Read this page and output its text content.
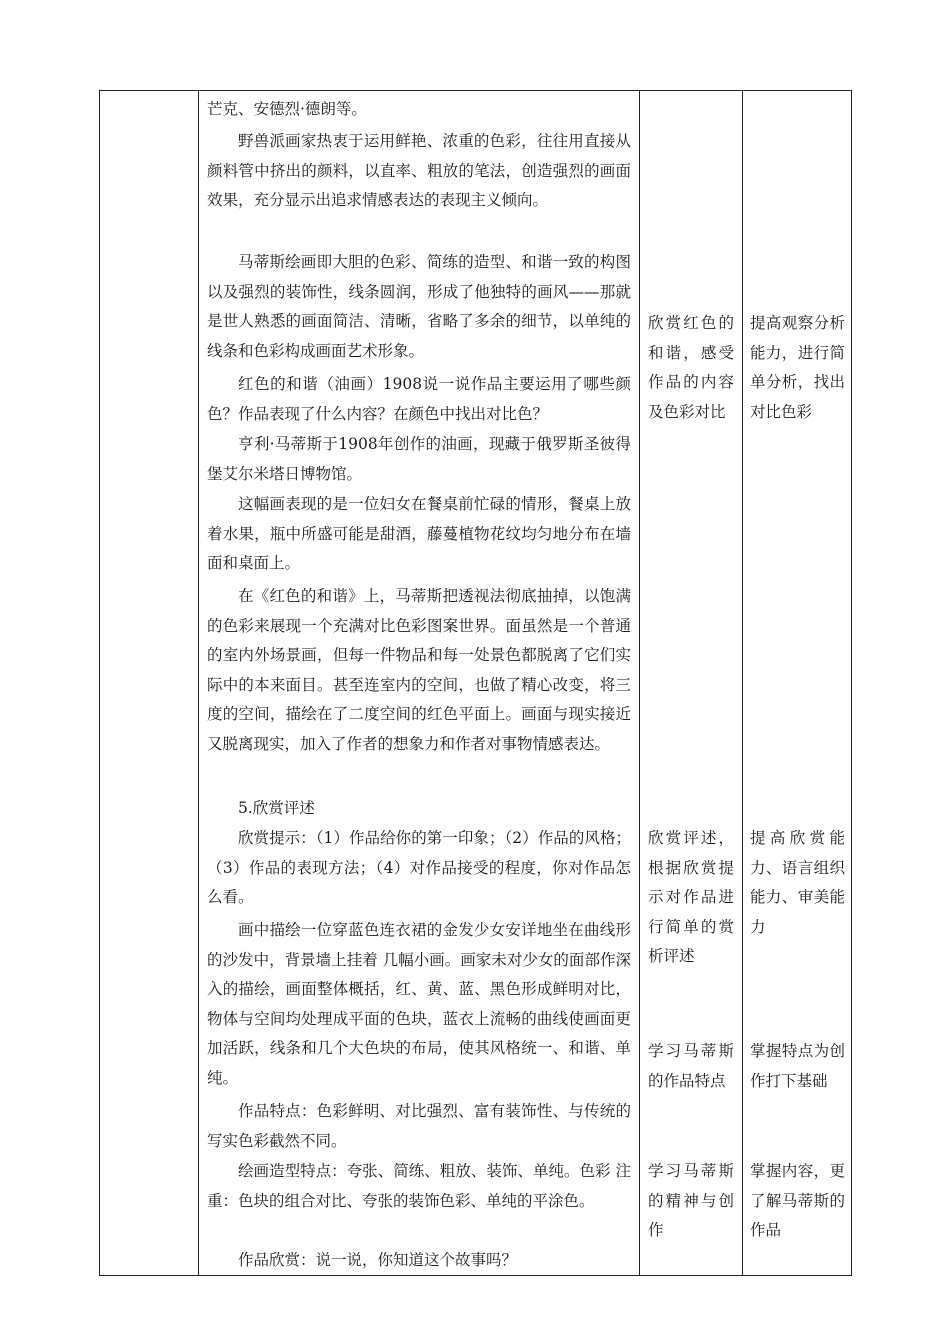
芒克、安德烈·德朗等。

野兽派画家热衷于运用鲜艳、浓重的色彩，往往用直接从颜料管中挤出的颜料，以直率、粗放的笔法，创造强烈的画面效果，充分显示出追求情感表达的表现主义倾向。

马蒂斯绘画即大胆的色彩、简练的造型、和谐一致的构图以及强烈的装饰性，线条圆润，形成了他独特的画风——那就是世人熟悉的画面简洁、清晰，省略了多余的细节，以单纯的线条和色彩构成画面艺术形象。

红色的和谐（油画）1908说一说作品主要运用了哪些颜色？作品表现了什么内容？在颜色中找出对比色？

亨利·马蒂斯于1908年创作的油画，现藏于俄罗斯圣彼得堡艾尔米塔日博物馆。

这幅画表现的是一位妇女在餐桌前忙碌的情形，餐桌上放着水果，瓶中所盛可能是甜酒，藤蔓植物花纹均匀地分布在墙面和桌面上。

在《红色的和谐》上，马蒂斯把透视法彻底抽掉，以饱满的色彩来展现一个充满对比色彩图案世界。面虽然是一个普通的室内外场景画，但每一件物品和每一处景色都脱离了它们实际中的本来面目。甚至连室内的空间，也做了精心改变，将三度的空间，描绘在了二度空间的红色平面上。画面与现实接近又脱离现实，加入了作者的想象力和作者对事物情感表达。

5.欣赏评述

欣赏提示：（1）作品给你的第一印象；（2）作品的风格；（3）作品的表现方法；（4）对作品接受的程度，你对作品怎么看。

画中描绘一位穿蓝色连衣裙的金发少女安详地坐在曲线形的沙发中，背景墙上挂着 几幅小画。画家未对少女的面部作深入的描绘，画面整体概括，红、黄、蓝、黑色形成鲜明对比，物体与空间均处理成平面的色块，蓝衣上流畅的曲线使画面更加活跃，线条和几个大色块的布局，使其风格统一、和谐、单纯。

作品特点：色彩鲜明、对比强烈、富有装饰性、与传统的写实色彩截然不同。

绘画造型特点：夸张、简练、粗放、装饰、单纯。色彩 注重：色块的组合对比、夸张的装饰色彩、单纯的平涂色。

作品欣赏：说一说，你知道这个故事吗？

欣赏红色的和谐，感受作品的内容及色彩对比

欣赏评述，根据欣赏提示对作品进行简单的赏析评述

学习马蒂斯的作品特点

学习马蒂斯的精神与创作

提高观察分析能力，进行简单分析，找出对比色彩

提高欣赏能力、语言组织能力、审美能力

掌握特点为创作打下基础

掌握内容，更了解马蒂斯的作品
